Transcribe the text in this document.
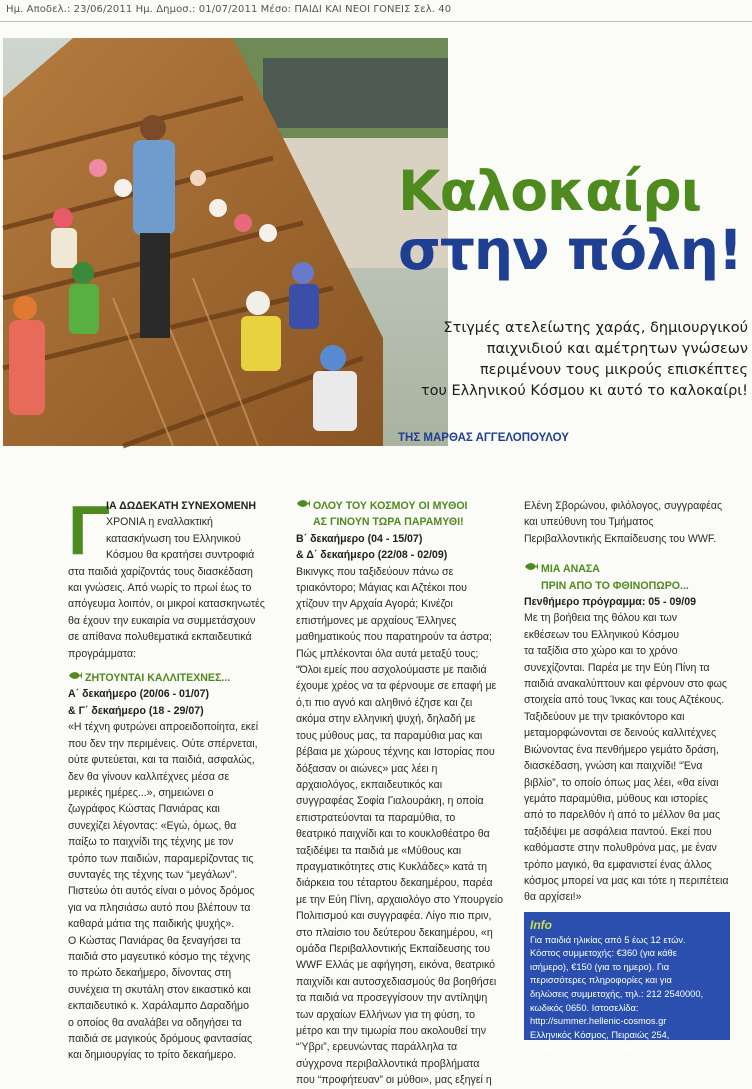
Ημ. Αποδελ.: 23/06/2011 Ημ. Δημοσ.: 01/07/2011 Μέσο: ΠΑΙΔΙ ΚΑΙ ΝΕΟΙ ΓΟΝΕΙΣ Σελ. 40
Καλοκαίρι
στην πόλη!
Στιγμές ατελείωτης χαράς, δημιουργικού
παιχνιδιού και αμέτρητων γνώσεων
περιμένουν τους μικρούς επισκέπτες
του Ελληνικού Κόσμου κι αυτό το καλοκαίρι!
ΤΗΣ ΜΑΡΘΑΣ ΑΓΓΕΛΟΠΟΥΛΟΥ
Γ
ΙΑ ΔΩΔΕΚΑΤΗ ΣΥΝΕΧΟΜΕΝΗ
ΧΡΟΝΙΑ η εναλλακτική
κατασκήνωση του Ελληνικού
Κόσμου θα κρατήσει συντροφιά
στα παιδιά χαρίζοντάς τους διασκέδαση
και γνώσεις. Από νωρίς το πρωί έως το
απόγευμα λοιπόν, οι μικροί κατασκηνωτές
θα έχουν την ευκαιρία να συμμετάσχουν
σε απίθανα πολυθεματικά εκπαιδευτικά
προγράμματα:
ΖΗΤΟΥΝΤΑΙ ΚΑΛΛΙΤΕΧΝΕΣ...
Α΄ δεκαήμερο (20/06 - 01/07)
& Γ΄ δεκαήμερο (18 - 29/07)
«Η τέχνη φυτρώνει απροειδοποίητα, εκεί
που δεν την περιμένεις. Ούτε σπέρνεται,
ούτε φυτεύεται, και τα παιδιά, ασφαλώς,
δεν θα γίνουν καλλιτέχνες μέσα σε
μερικές ημέρες...», σημειώνει ο
ζωγράφος Κώστας Πανιάρας και
συνεχίζει λέγοντας: «Εγώ, όμως, θα
παίξω το παιχνίδι της τέχνης με τον
τρόπο των παιδιών, παραμερίζοντας τις
συνταγές της τέχνης των “μεγάλων”.
Πιστεύω ότι αυτός είναι ο μόνος δρόμος
για να πλησιάσω αυτό που βλέπουν τα
καθαρά μάτια της παιδικής ψυχής».
Ο Κώστας Πανιάρας θα ξεναγήσει τα
παιδιά στο μαγευτικό κόσμο της τέχνης
το πρώτο δεκαήμερο, δίνοντας στη
συνέχεια τη σκυτάλη στον εικαστικό και
εκπαιδευτικό κ. Χαράλαμπο Δαραδήμο
ο οποίος θα αναλάβει να οδηγήσει τα
παιδιά σε μαγικούς δρόμους φαντασίας
και δημιουργίας το τρίτο δεκαήμερο.
ΟΛΟΥ ΤΟΥ ΚΟΣΜΟΥ ΟΙ ΜΥΘΟΙ
ΑΣ ΓΙΝΟΥΝ ΤΩΡΑ ΠΑΡΑΜΥΘΙ!
Β΄ δεκαήμερο (04 - 15/07)
& Δ΄ δεκαήμερο (22/08 - 02/09)
Βικινγκς που ταξιδεύουν πάνω σε
τριακόντορο; Μάγιας και Αζτέκοι που
χτίζουν την Αρχαία Αγορά; Κινέζοι
επιστήμονες με αρχαίους Έλληνες
μαθηματικούς που παρατηρούν τα άστρα;
Πώς μπλέκονται όλα αυτά μεταξύ τους;
“Όλοι εμείς που ασχολούμαστε με παιδιά
έχουμε χρέος να τα φέρνουμε σε επαφή με
ό,τι πιο αγνό και αληθινό έζησε και ζει
ακόμα στην ελληνική ψυχή, δηλαδή με
τους μύθους μας, τα παραμύθια μας και
βέβαια με χώρους τέχνης και Ιστορίας που
δόξασαν οι αιώνες» μας λέει η
αρχαιολόγος, εκπαιδευτικός και
συγγραφέας Σοφία Γιαλουράκη, η οποία
επιστρατεύονται τα παραμύθια, το
θεατρικό παιχνίδι και το κουκλοθέατρο θα
ταξιδέψει τα παιδιά με «Μύθους και
πραγματικότητες στις Κυκλάδες» κατά τη
διάρκεια του τέταρτου δεκαημέρου, παρέα
με την Εύη Πίνη, αρχαιολόγο στο Υπουργείο
Πολιτισμού και συγγραφέα. Λίγο πιο πριν,
στο πλαίσιο του δεύτερου δεκαημέρου, «η
ομάδα Περιβαλλοντικής Εκπαίδευσης του
WWF Ελλάς με αφήγηση, εικόνα, θεατρικό
παιχνίδι και αυτοσχεδιασμούς θα βοηθήσει
τα παιδιά να προσεγγίσουν την αντίληψη
των αρχαίων Ελλήνων για τη φύση, το
μέτρο και την τιμωρία που ακολουθεί την
“Ύβρι”, ερευνώντας παράλληλα τα
σύγχρονα περιβαλλοντικά προβλήματα
που “προφήτευαν” οι μύθοι», μας εξηγεί η
Ελένη Σβορώνου, φιλόλογος, συγγραφέας
και υπεύθυνη του Τμήματος
Περιβαλλοντικής Εκπαίδευσης του WWF.
ΜΙΑ ΑΝΑΣΑ
ΠΡΙΝ ΑΠΟ ΤΟ ΦΘΙΝΟΠΩΡΟ...
Πενθήμερο πρόγραμμα: 05 - 09/09
Με τη βοήθεια της θόλου και των
εκθέσεων του Ελληνικού Κόσμου
τα ταξίδια στο χώρο και το χρόνο
συνεχίζονται. Παρέα με την Εύη Πίνη τα
παιδιά ανακαλύπτουν και φέρνουν στο φως
στοιχεία από τους Ίνκας και τους Αζτέκους.
Ταξιδεύουν με την τριακόντορο και
μεταμορφώνονται σε δεινούς καλλιτέχνες
Βιώνοντας ένα πενθήμερο γεμάτο δράση,
διασκέδαση, γνώση και παιχνίδι! “Ένα
βιβλίο”, το οποίο όπως μας λέει, «θα είναι
γεμάτο παραμύθια, μύθους και ιστορίες
από το παρελθόν ή από το μέλλον θα μας
ταξιδέψει με ασφάλεια παντού. Εκεί που
καθόμαστε στην πολυθρόνα μας, με έναν
τρόπο μαγικό, θα εμφανιστεί ένας άλλος
κόσμος μπορεί να μας και τότε η περιπέτεια
θα αρχίσει!»
Info
Για παιδιά ηλικίας από 5 έως 12 ετών.
Κόστος συμμετοχής: €360 (για κάθε
ισήμερο), €150 (για το ημερο). Για
περισσότερες πληροφορίες και για
δηλώσεις συμμετοχής, τηλ.: 212 2540000,
κωδικός 0650. Ιστοσελίδα:
http://summer.hellenic-cosmos.gr
Ελληνικός Κόσμος, Πειραιώς 254,
Ταύρος, τηλ.: 212 2540000.
